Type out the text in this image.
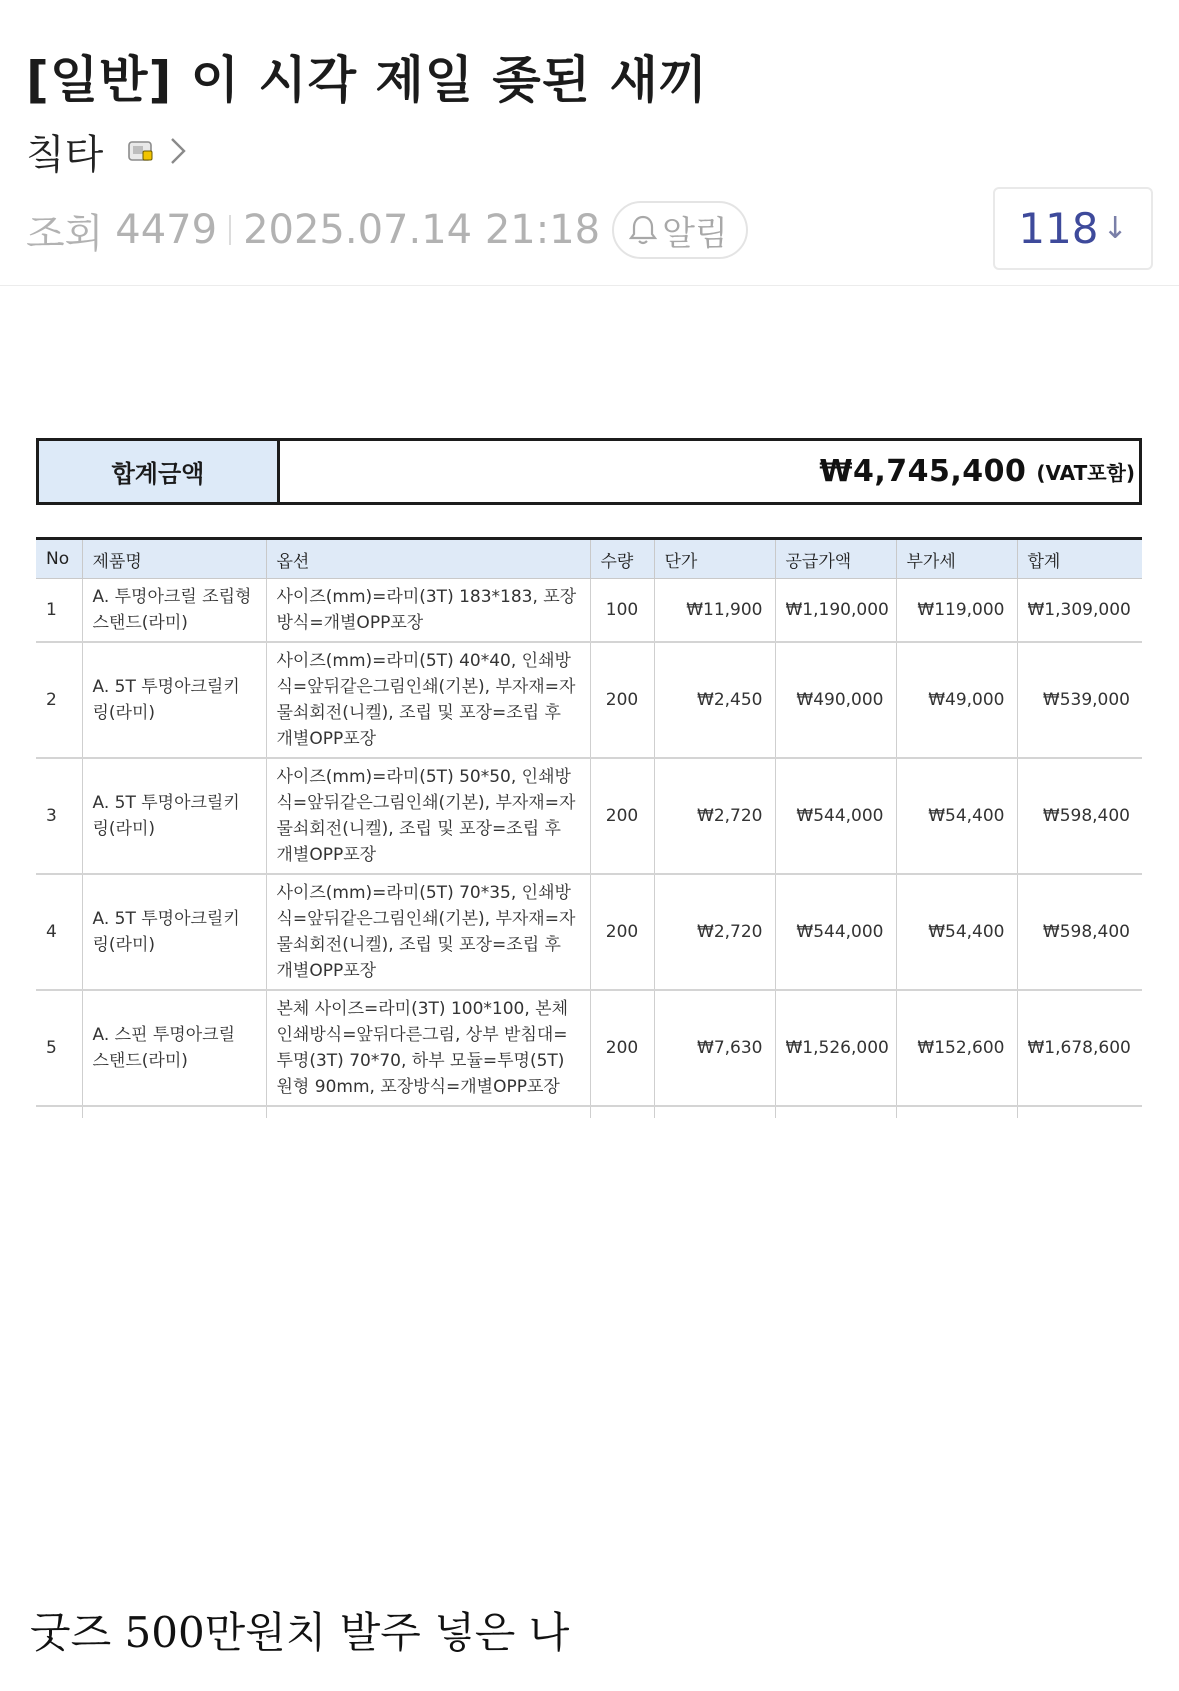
[일반] 이 시각 제일 좆된 새끼
칰타
조회 4479 2025.07.14 21:18 알림	118 ↓
합계금액	₩4,745,400 (VAT포함)
No	제품명	옵션	수량	단가	공급가액	부가세	합계
1	A. 투명아크릴 조립형 스탠드(라미)	사이즈(mm)=라미(3T) 183*183, 포장방식=개별OPP포장	100	₩11,900	₩1,190,000	₩119,000	₩1,309,000
2	A. 5T 투명아크릴키링(라미)	사이즈(mm)=라미(5T) 40*40, 인쇄방식=앞뒤같은그림인쇄(기본), 부자재=자물쇠회전(니켈), 조립 및 포장=조립 후 개별OPP포장	200	₩2,450	₩490,000	₩49,000	₩539,000
3	A. 5T 투명아크릴키링(라미)	사이즈(mm)=라미(5T) 50*50, 인쇄방식=앞뒤같은그림인쇄(기본), 부자재=자물쇠회전(니켈), 조립 및 포장=조립 후 개별OPP포장	200	₩2,720	₩544,000	₩54,400	₩598,400
4	A. 5T 투명아크릴키링(라미)	사이즈(mm)=라미(5T) 70*35, 인쇄방식=앞뒤같은그림인쇄(기본), 부자재=자물쇠회전(니켈), 조립 및 포장=조립 후 개별OPP포장	200	₩2,720	₩544,000	₩54,400	₩598,400
5	A. 스핀 투명아크릴 스탠드(라미)	본체 사이즈=라미(3T) 100*100, 본체 인쇄방식=앞뒤다른그림, 상부 받침대=투명(3T) 70*70, 하부 모듈=투명(5T) 원형 90mm, 포장방식=개별OPP포장	200	₩7,630	₩1,526,000	₩152,600	₩1,678,600

굿즈 500만원치 발주 넣은 나
